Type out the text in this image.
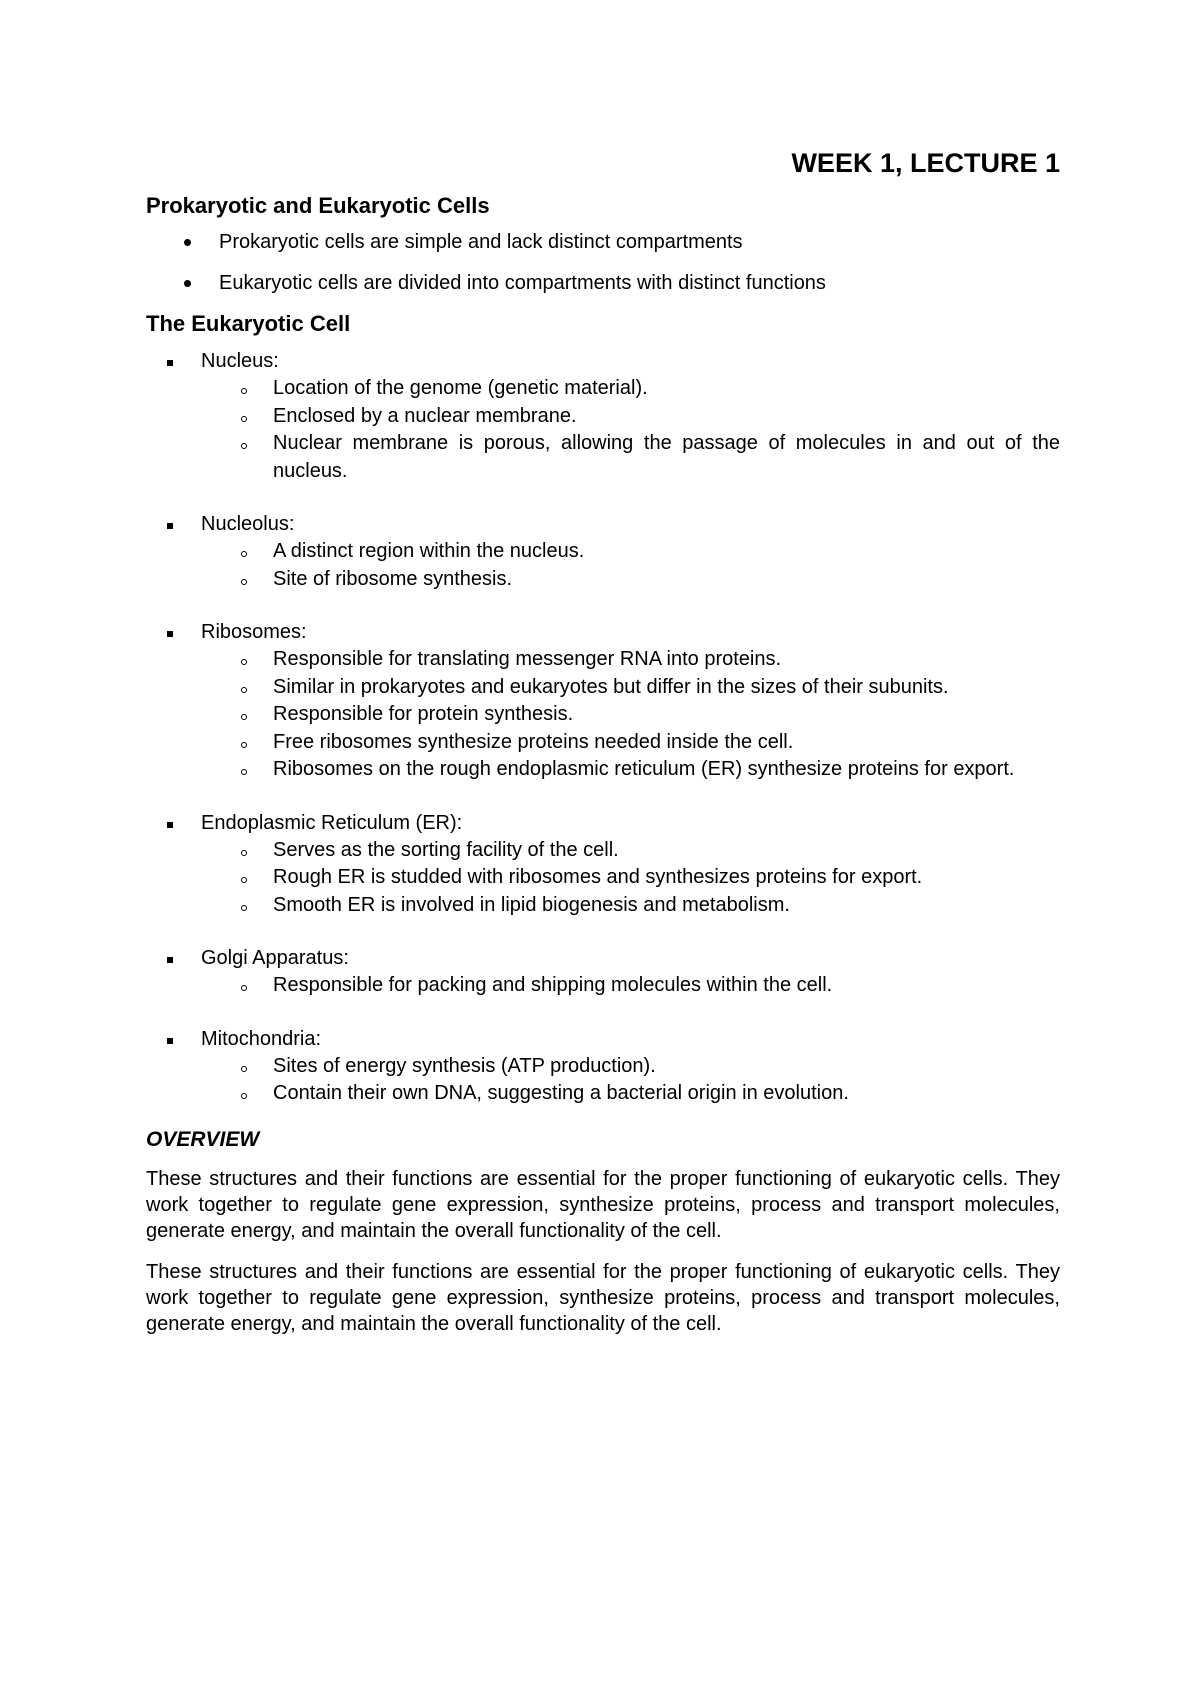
WEEK 1, LECTURE 1
Prokaryotic and Eukaryotic Cells
Prokaryotic cells are simple and lack distinct compartments
Eukaryotic cells are divided into compartments with distinct functions
The Eukaryotic Cell
Nucleus:
Location of the genome (genetic material).
Enclosed by a nuclear membrane.
Nuclear membrane is porous, allowing the passage of molecules in and out of the nucleus.
Nucleolus:
A distinct region within the nucleus.
Site of ribosome synthesis.
Ribosomes:
Responsible for translating messenger RNA into proteins.
Similar in prokaryotes and eukaryotes but differ in the sizes of their subunits.
Responsible for protein synthesis.
Free ribosomes synthesize proteins needed inside the cell.
Ribosomes on the rough endoplasmic reticulum (ER) synthesize proteins for export.
Endoplasmic Reticulum (ER):
Serves as the sorting facility of the cell.
Rough ER is studded with ribosomes and synthesizes proteins for export.
Smooth ER is involved in lipid biogenesis and metabolism.
Golgi Apparatus:
Responsible for packing and shipping molecules within the cell.
Mitochondria:
Sites of energy synthesis (ATP production).
Contain their own DNA, suggesting a bacterial origin in evolution.
OVERVIEW

These structures and their functions are essential for the proper functioning of eukaryotic cells. They work together to regulate gene expression, synthesize proteins, process and transport molecules, generate energy, and maintain the overall functionality of the cell.

These structures and their functions are essential for the proper functioning of eukaryotic cells. They work together to regulate gene expression, synthesize proteins, process and transport molecules, generate energy, and maintain the overall functionality of the cell.
